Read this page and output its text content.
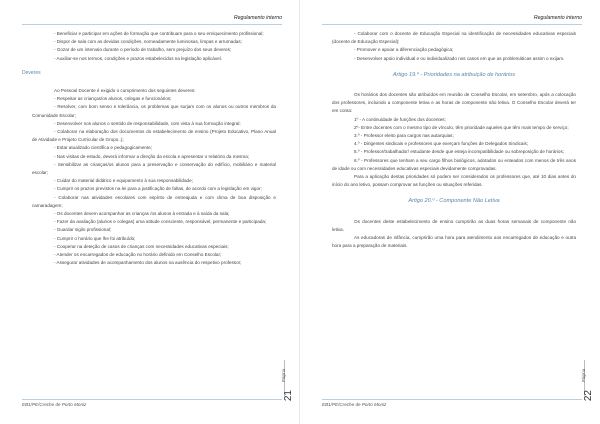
Regulamento interno

- Beneficiar e participar em ações de formação que contribuam para o seu enriquecimento profissional;

- Dispor de sala com as devidas condições, nomeadamente luminosas, limpas e arrumadas;

- Gozar de um intervalo durante o período de trabalho, sem prejuízo dos seus deveres;

- Auxiliar-se nos termos, condições e prazos estabelecidos na legislação aplicável.

Deveres

Ao Pessoal Docente é exigido o cumprimento dos seguintes deveres:

- Respeitar as crianças/os alunos, colegas e funcionários;

- Resolver, com bom senso e tolerância, os problemas que surjam com os alunos ou outros membros da Comunidade Escolar;

- Desenvolver nos alunos o sentido de responsabilidade, com vista à sua formação integral;

- Colaborar na elaboração dos documentos do estabelecimento de ensino (Projeto Educativo, Plano Anual de Atividade e Projeto Curricular de Grupo..);

- Estar atualizado científica e pedagogicamente;

- Nas visitas de estudo, deverá informar a direção da escola e apresentar o relatório da mesma;

- Sensibilizar as crianças/os alunos para a preservação e conservação do edifício, mobiliário e material escolar;

- Cuidar do material didático e equipamento à sua responsabilidade;

- Cumprir os prazos previstos na lei para a justificação de faltas, de acordo com a legislação em vigor;

- Colaborar nas atividades escolares com espírito de entreajuda e com clima de boa disposição e camaradagem;

- Os docentes devem acompanhar as crianças /os alunos à entrada e à saída da sala;

- Fazer da avaliação (alunos e colegas) uma atitude consciente, responsável, permanente e participada;

- Guardar sigilo profissional;

- Cumprir o horário que lhe foi atribuído;

- Cooperar na deteção de casos de crianças com necessidades educativas especiais;

- Atender os encarregados de educação no horário definido em Conselho Escolar;

- Assegurar atividades de acompanhamento dos alunos na ausência do respetivo professor;

Página
21
EB1/PE/Creche de Porto Moniz
Regulamento interno

- Colaborar com o docente de Educação Especial na identificação de necessidades educativas especiais (docente de Educação Especial);

- Promover e apoiar a diferenciação pedagógica;

- Desenvolver apoio individual e ou individualizado nos casos em que as problemáticas assim o exijam.

Artigo 19.º - Prioridades na atribuição de horários

Os horários dos docentes são atribuídos em reunião de Conselho Escolar, em setembro, após a colocação dos professores, incluindo a componente letiva e as horas de componente não letiva. O Conselho Escolar deverá ter em conta:

1º - A continuidade de funções dos docentes;

2º- Entre docentes com o mesmo tipo de vínculo, têm prioridade aqueles que têm mais tempo de serviço;

3.º - Professor eleito para cargos nas autarquias;

4.º - Dirigentes sindicais e professores que exerçam funções de Delegados Sindicais;

5.º - Professor/trabalhador/ estudante desde que esteja incompatibilidade ou sobreposição de horários;

6.º - Professores que tenham a seu cargo filhos biológicos, adotados ou enteados com menos de três anos de idade ou com necessidades educativas especiais devidamente comprovadas.

Para a aplicação destas prioridades só podem ser considerados os professores que, até 10 dias antes do início do ano letivo, possam comprovar as funções ou situações referidas.

Artigo 20.º - Componente Não Letiva

Os docentes deste estabelecimento de ensino cumprirão as duas horas semanais de componente não letiva.

As educadoras de infância, cumprirão uma hora para atendimento aos encarregados de educação e outra hora para a preparação de materiais.

Página
22
EB1/PE/Creche de Porto Moniz
